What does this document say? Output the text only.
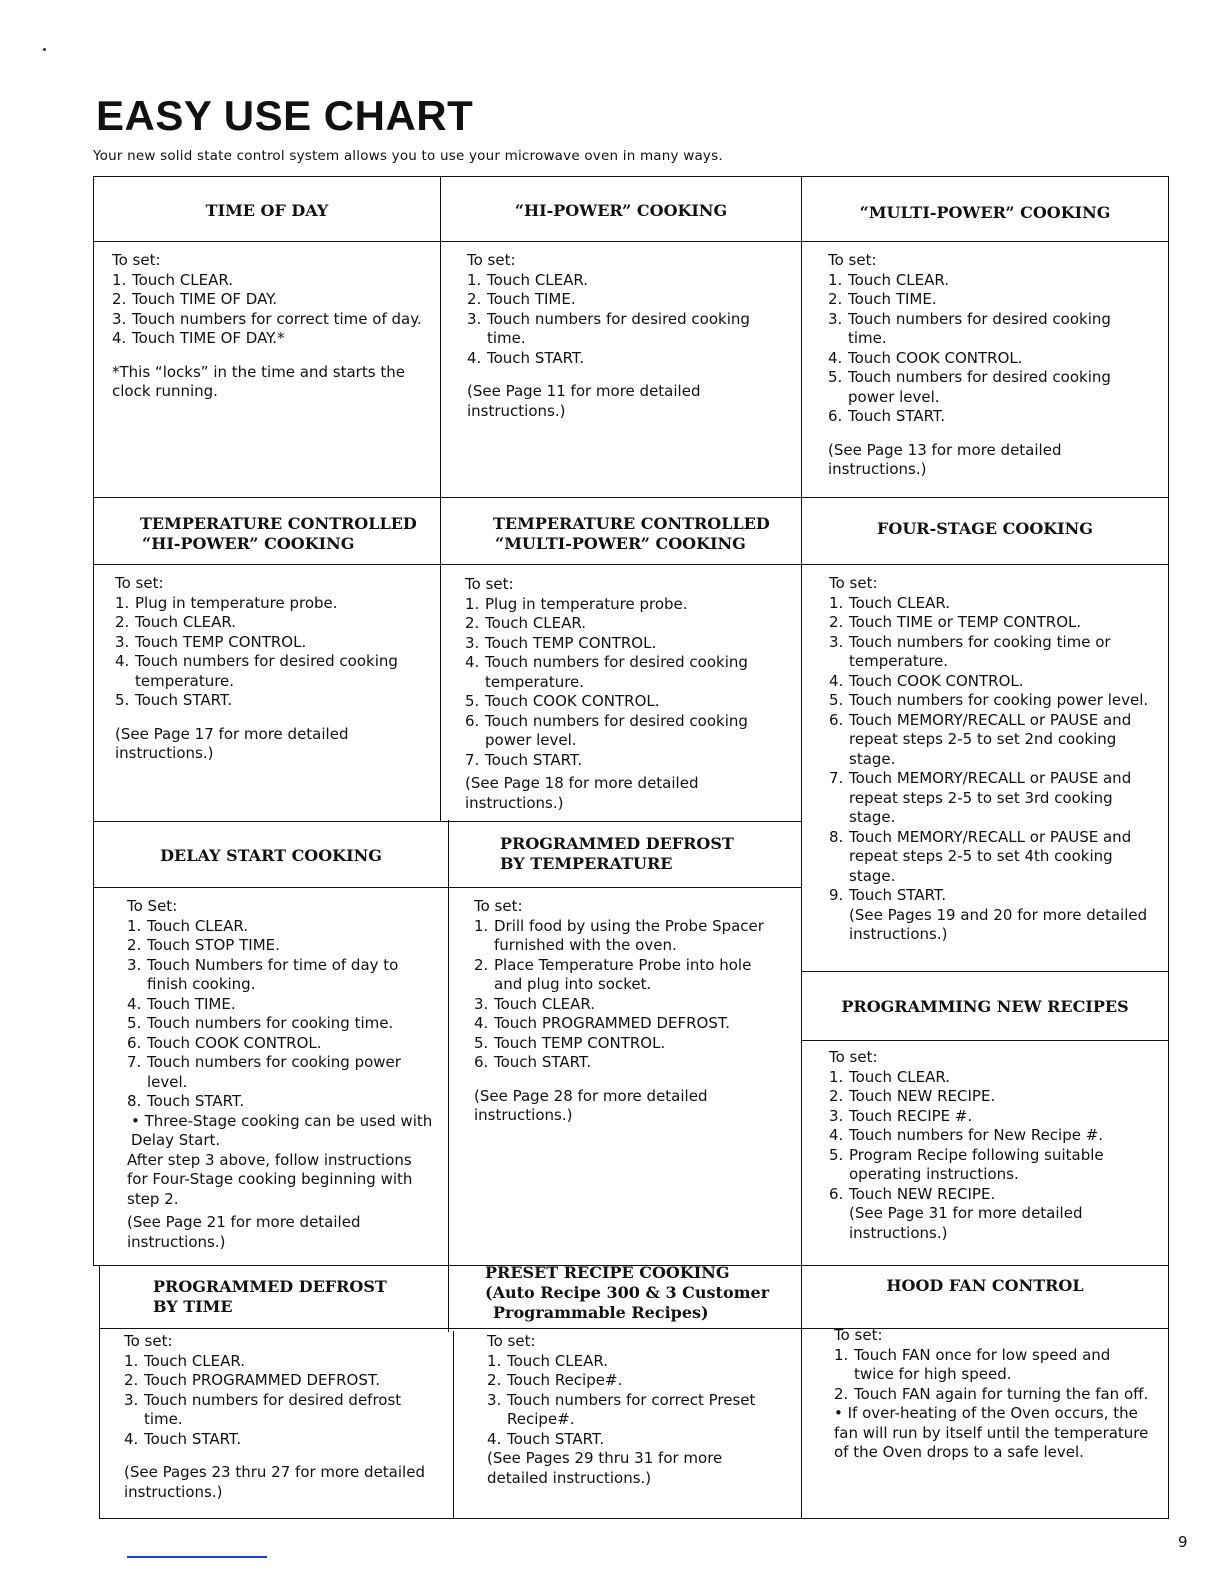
EASY USE CHART

Your new solid state control system allows you to use your microwave oven in many ways.

TIME OF DAY	“HI-POWER” COOKING	“MULTI-POWER” COOKING

To set:

1. Touch CLEAR.
2. Touch TIME OF DAY.
3. Touch numbers for correct time of day.
4. Touch TIME OF DAY.*

*This “locks” in the time and starts the clock running.

To set:

1. Touch CLEAR.
2. Touch TIME.
3. Touch numbers for desired cooking time.
4. Touch START.

(See Page 11 for more detailed instructions.)

To set:

1. Touch CLEAR.
2. Touch TIME.
3. Touch numbers for desired cooking time.
4. Touch COOK CONTROL.
5. Touch numbers for desired cooking power level.
6. Touch START.

(See Page 13 for more detailed instructions.)

TEMPERATURE CONTROLLED
“HI-POWER” COOKING
TEMPERATURE CONTROLLED
“MULTI-POWER” COOKING
FOUR-STAGE COOKING

To set:

1. Plug in temperature probe.
2. Touch CLEAR.
3. Touch TEMP CONTROL.
4. Touch numbers for desired cooking temperature.
5. Touch START.

(See Page 17 for more detailed instructions.)

To set:

1. Plug in temperature probe.
2. Touch CLEAR.
3. Touch TEMP CONTROL.
4. Touch numbers for desired cooking temperature.
5. Touch COOK CONTROL.
6. Touch numbers for desired cooking power level.
7. Touch START.

(See Page 18 for more detailed instructions.)

To set:

1. Touch CLEAR.
2. Touch TIME or TEMP CONTROL.
3. Touch numbers for cooking time or temperature.
4. Touch COOK CONTROL.
5. Touch numbers for cooking power level.
6. Touch MEMORY/RECALL or PAUSE and repeat steps 2-5 to set 2nd cooking stage.
7. Touch MEMORY/RECALL or PAUSE and repeat steps 2-5 to set 3rd cooking stage.
8. Touch MEMORY/RECALL or PAUSE and repeat steps 2-5 to set 4th cooking stage.
9. Touch START.

(See Pages 19 and 20 for more detailed instructions.)

DELAY START COOKING
PROGRAMMED DEFROST
BY TEMPERATURE
PROGRAMMING NEW RECIPES

To Set:

1. Touch CLEAR.
2. Touch STOP TIME.
3. Touch Numbers for time of day to finish cooking.
4. Touch TIME.
5. Touch numbers for cooking time.
6. Touch COOK CONTROL.
7. Touch numbers for cooking power level.
8. Touch START.

• Three-Stage cooking can be used with Delay Start.

After step 3 above, follow instructions for Four-Stage cooking beginning with step 2.

(See Page 21 for more detailed instructions.)

To set:

1. Drill food by using the Probe Spacer furnished with the oven.
2. Place Temperature Probe into hole and plug into socket.
3. Touch CLEAR.
4. Touch PROGRAMMED DEFROST.
5. Touch TEMP CONTROL.
6. Touch START.

(See Page 28 for more detailed instructions.)

To set:

1. Touch CLEAR.
2. Touch NEW RECIPE.
3. Touch RECIPE #.
4. Touch numbers for New Recipe #.
5. Program Recipe following suitable operating instructions.
6. Touch NEW RECIPE.

(See Page 31 for more detailed instructions.)

PROGRAMMED DEFROST
BY TIME
PRESET RECIPE COOKING
(Auto Recipe 300 & 3 Customer
Programmable Recipes)
HOOD FAN CONTROL

To set:

1. Touch CLEAR.
2. Touch PROGRAMMED DEFROST.
3. Touch numbers for desired defrost time.
4. Touch START.

(See Pages 23 thru 27 for more detailed instructions.)

To set:

1. Touch CLEAR.
2. Touch Recipe#.
3. Touch numbers for correct Preset Recipe#.
4. Touch START.

(See Pages 29 thru 31 for more detailed instructions.)

To set:

1. Touch FAN once for low speed and twice for high speed.
2. Touch FAN again for turning the fan off.

• If over-heating of the Oven occurs, the fan will run by itself until the temperature of the Oven drops to a safe level.

9
